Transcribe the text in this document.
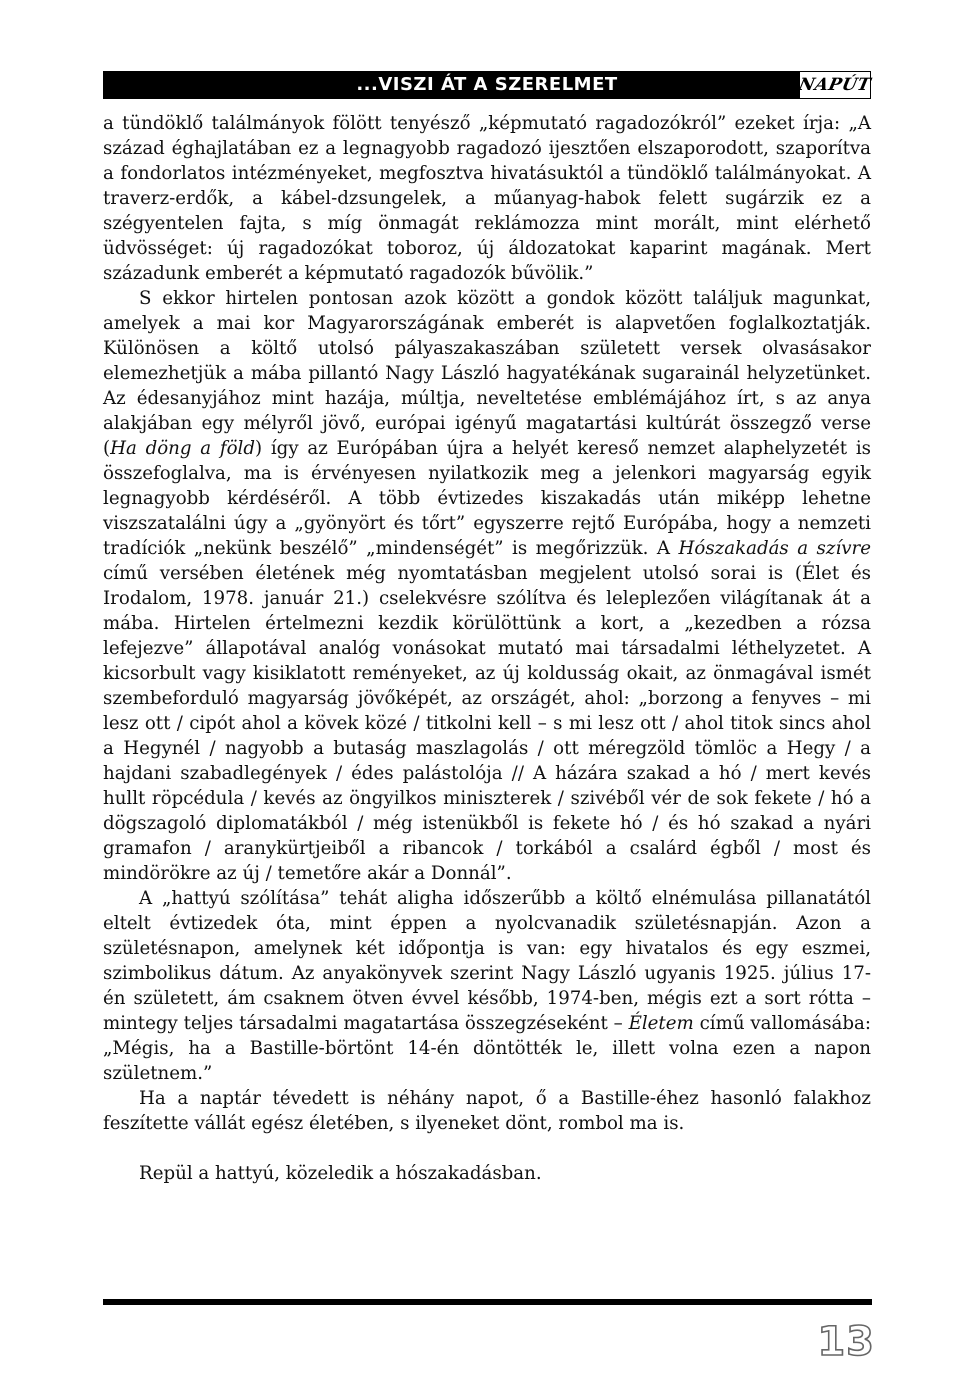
...VISZI ÁT A SZERELMET	NAPÚT

a tündöklő találmányok fölött tenyésző „képmutató ragadozókról” ezeket írja: „A század éghajlatában ez a legnagyobb ragadozó ijesztően elszaporodott, szaporítva a fondorlatos intézményeket, megfosztva hivatásuktól a tündöklő találmányokat. A traverz-erdők, a kábel-dzsungelek, a műanyag-habok felett sugárzik ez a szégyentelen fajta, s míg önmagát reklámozza mint morált, mint elérhető üdvösséget: új ragadozókat toboroz, új áldozatokat kaparint magának. Mert századunk emberét a képmutató ragadozók bűvölik.”

S ekkor hirtelen pontosan azok között a gondok között találjuk magunkat, amelyek a mai kor Magyarországának emberét is alapvetően foglalkoztatják. Különösen a költő utolsó pályaszakaszában született versek olvasásakor elemezhetjük a mába pillantó Nagy László hagyatékának sugarainál helyzetünket. Az édesanyjához mint hazája, múltja, neveltetése emblémájához írt, s az anya alakjában egy mélyről jövő, európai igényű magatartási kultúrát összegző verse (Ha döng a föld) így az Európában újra a helyét kereső nemzet alaphelyzetét is összefoglalva, ma is érvényesen nyilatkozik meg a jelenkori magyarság egyik legnagyobb kérdéséről. A több évtizedes kiszakadás után miképp lehetne viszszatalálni úgy a „gyönyört és tőrt” egyszerre rejtő Európába, hogy a nemzeti tradíciók „nekünk beszélő” „mindenségét” is megőrizzük. A Hószakadás a szívre című versében életének még nyomtatásban megjelent utolsó sorai is (Élet és Irodalom, 1978. január 21.) cselekvésre szólítva és leleplezően világítanak át a mába. Hirtelen értelmezni kezdik körülöttünk a kort, a „kezedben a rózsa lefejezve” állapotával analóg vonásokat mutató mai társadalmi léthelyzetet. A kicsorbult vagy kisiklatott reményeket, az új koldusság okait, az önmagával ismét szembeforduló magyarság jövőképét, az országét, ahol: „borzong a fenyves – mi lesz ott / cipót ahol a kövek közé / titkolni kell – s mi lesz ott / ahol titok sincs ahol a Hegynél / nagyobb a butaság maszlagolás / ott méregzöld tömlöc a Hegy / a hajdani szabadlegények / édes palástolója // A házára szakad a hó / mert kevés hullt röpcédula / kevés az öngyilkos miniszterek / szivéből vér de sok fekete / hó a dögszagoló diplomatákból / még istenükből is fekete hó / és hó szakad a nyári gramafon / aranykürtjeiből a ribancok / torkából a csalárd égből / most és mindörökre az új / temetőre akár a Donnál”.

A „hattyú szólítása” tehát aligha időszerűbb a költő elnémulása pillanatától eltelt évtizedek óta, mint éppen a nyolcvanadik születésnapján. Azon a születésnapon, amelynek két időpontja is van: egy hivatalos és egy eszmei, szimbolikus dátum. Az anyakönyvek szerint Nagy László ugyanis 1925. július 17-én született, ám csaknem ötven évvel később, 1974-ben, mégis ezt a sort rótta – mintegy teljes társadalmi magatartása összegzéseként – Életem című vallomásába: „Mégis, ha a Bastille-börtönt 14-én döntötték le, illett volna ezen a napon születnem.”

Ha a naptár tévedett is néhány napot, ő a Bastille-éhez hasonló falakhoz feszítette vállát egész életében, s ilyeneket dönt, rombol ma is.

Repül a hattyú, közeledik a hószakadásban.

13
